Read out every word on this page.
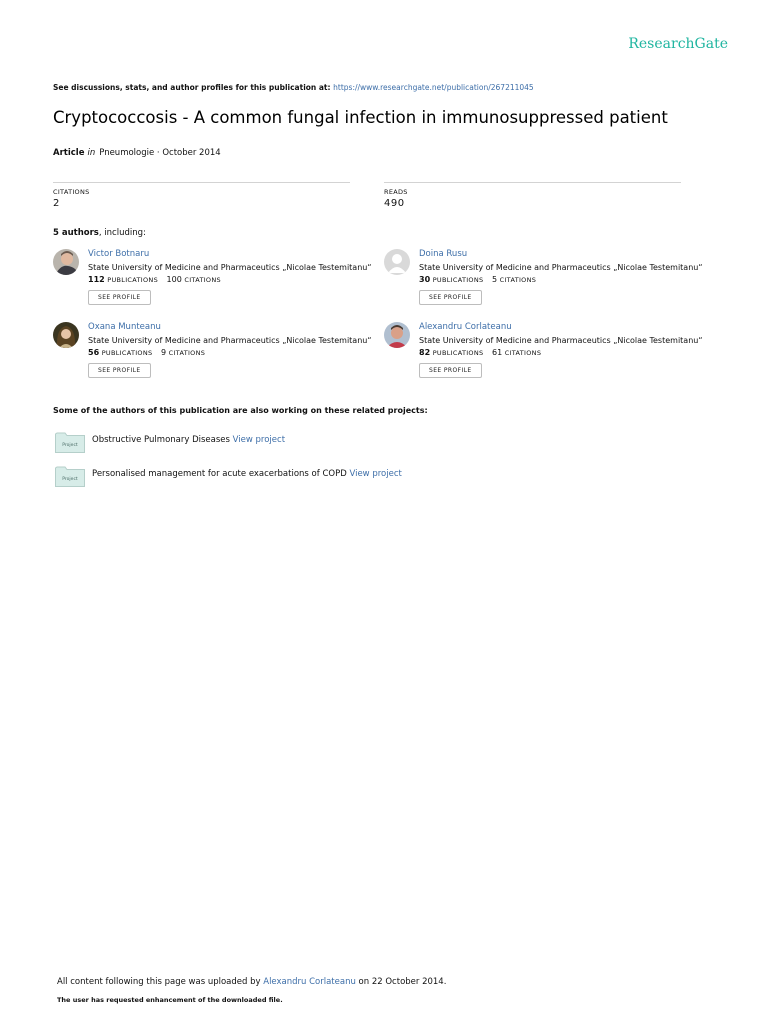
ResearchGate
See discussions, stats, and author profiles for this publication at: https://www.researchgate.net/publication/267211045
Cryptococcosis - A common fungal infection in immunosuppressed patient
Article in Pneumologie · October 2014
CITATIONS
2
READS
490
5 authors, including:
Victor Botnaru
State University of Medicine and Pharmaceutics „Nicolae Testemitanu“
112 PUBLICATIONS 100 CITATIONS
SEE PROFILE
Doina Rusu
State University of Medicine and Pharmaceutics „Nicolae Testemitanu“
30 PUBLICATIONS 5 CITATIONS
SEE PROFILE
Oxana Munteanu
State University of Medicine and Pharmaceutics „Nicolae Testemitanu“
56 PUBLICATIONS 9 CITATIONS
SEE PROFILE
Alexandru Corlateanu
State University of Medicine and Pharmaceutics „Nicolae Testemitanu“
82 PUBLICATIONS 61 CITATIONS
SEE PROFILE
Some of the authors of this publication are also working on these related projects:
Project
Obstructive Pulmonary Diseases View project
Project
Personalised management for acute exacerbations of COPD View project
All content following this page was uploaded by Alexandru Corlateanu on 22 October 2014.
The user has requested enhancement of the downloaded file.
